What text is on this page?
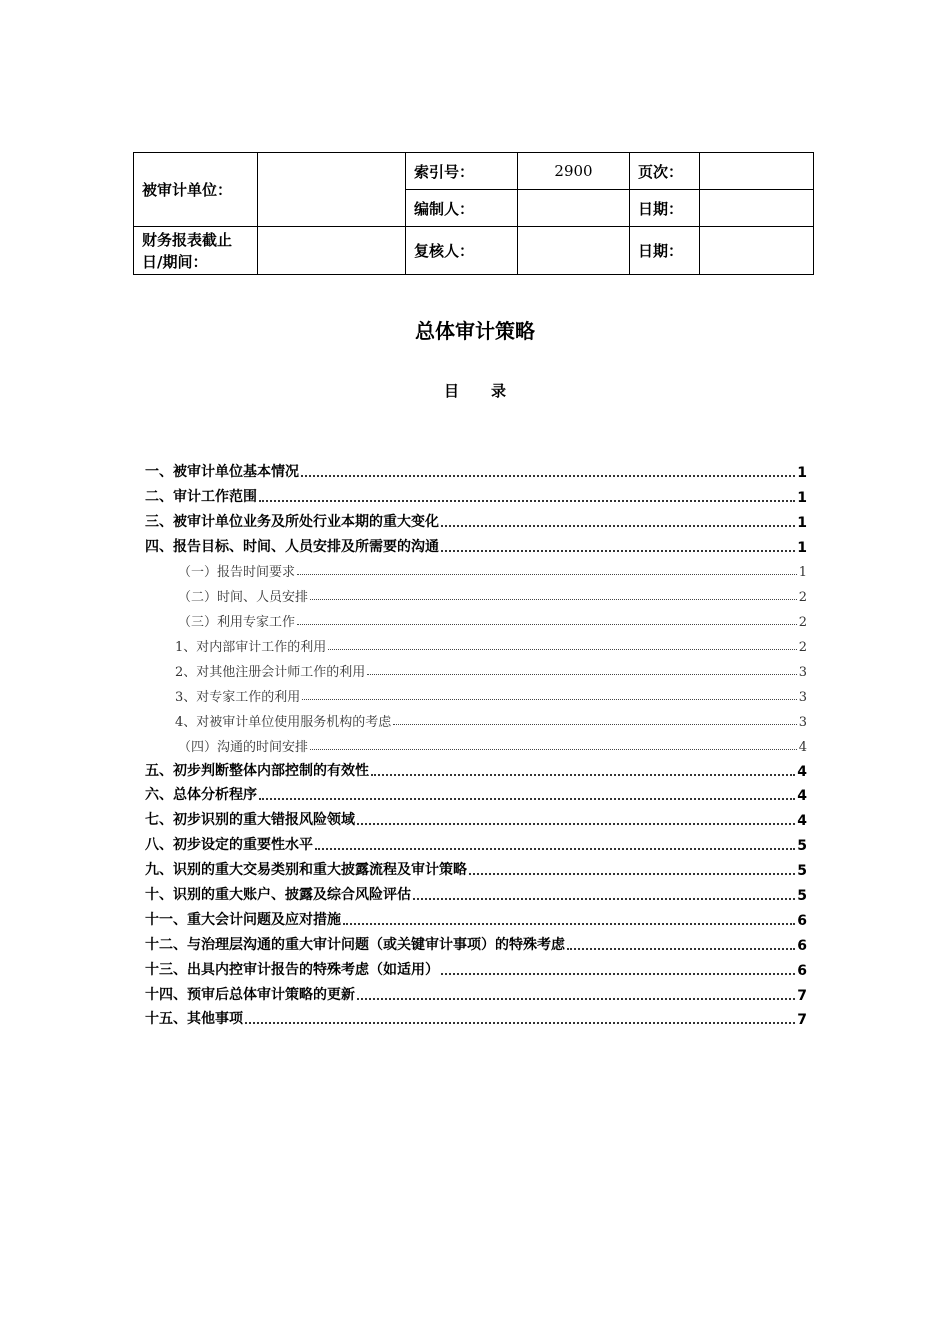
被审计单位：		索引号：	2900	页次：	
		编制人：		日期：	
财务报表截止日/期间：		复核人：		日期：	
总体审计策略
目 录
一、被审计单位基本情况	1
二、审计工作范围	1
三、被审计单位业务及所处行业本期的重大变化	1
四、报告目标、时间、人员安排及所需要的沟通	1
（一）报告时间要求	1
（二）时间、人员安排	2
（三）利用专家工作	2
1、对内部审计工作的利用	2
2、对其他注册会计师工作的利用	3
3、对专家工作的利用	3
4、对被审计单位使用服务机构的考虑	3
（四）沟通的时间安排	4
五、初步判断整体内部控制的有效性	4
六、总体分析程序	4
七、初步识别的重大错报风险领域	4
八、初步设定的重要性水平	5
九、识别的重大交易类别和重大披露流程及审计策略	5
十、识别的重大账户、披露及综合风险评估	5
十一、重大会计问题及应对措施	6
十二、与治理层沟通的重大审计问题（或关键审计事项）的特殊考虑	6
十三、出具内控审计报告的特殊考虑（如适用）	6
十四、预审后总体审计策略的更新	7
十五、其他事项	7
